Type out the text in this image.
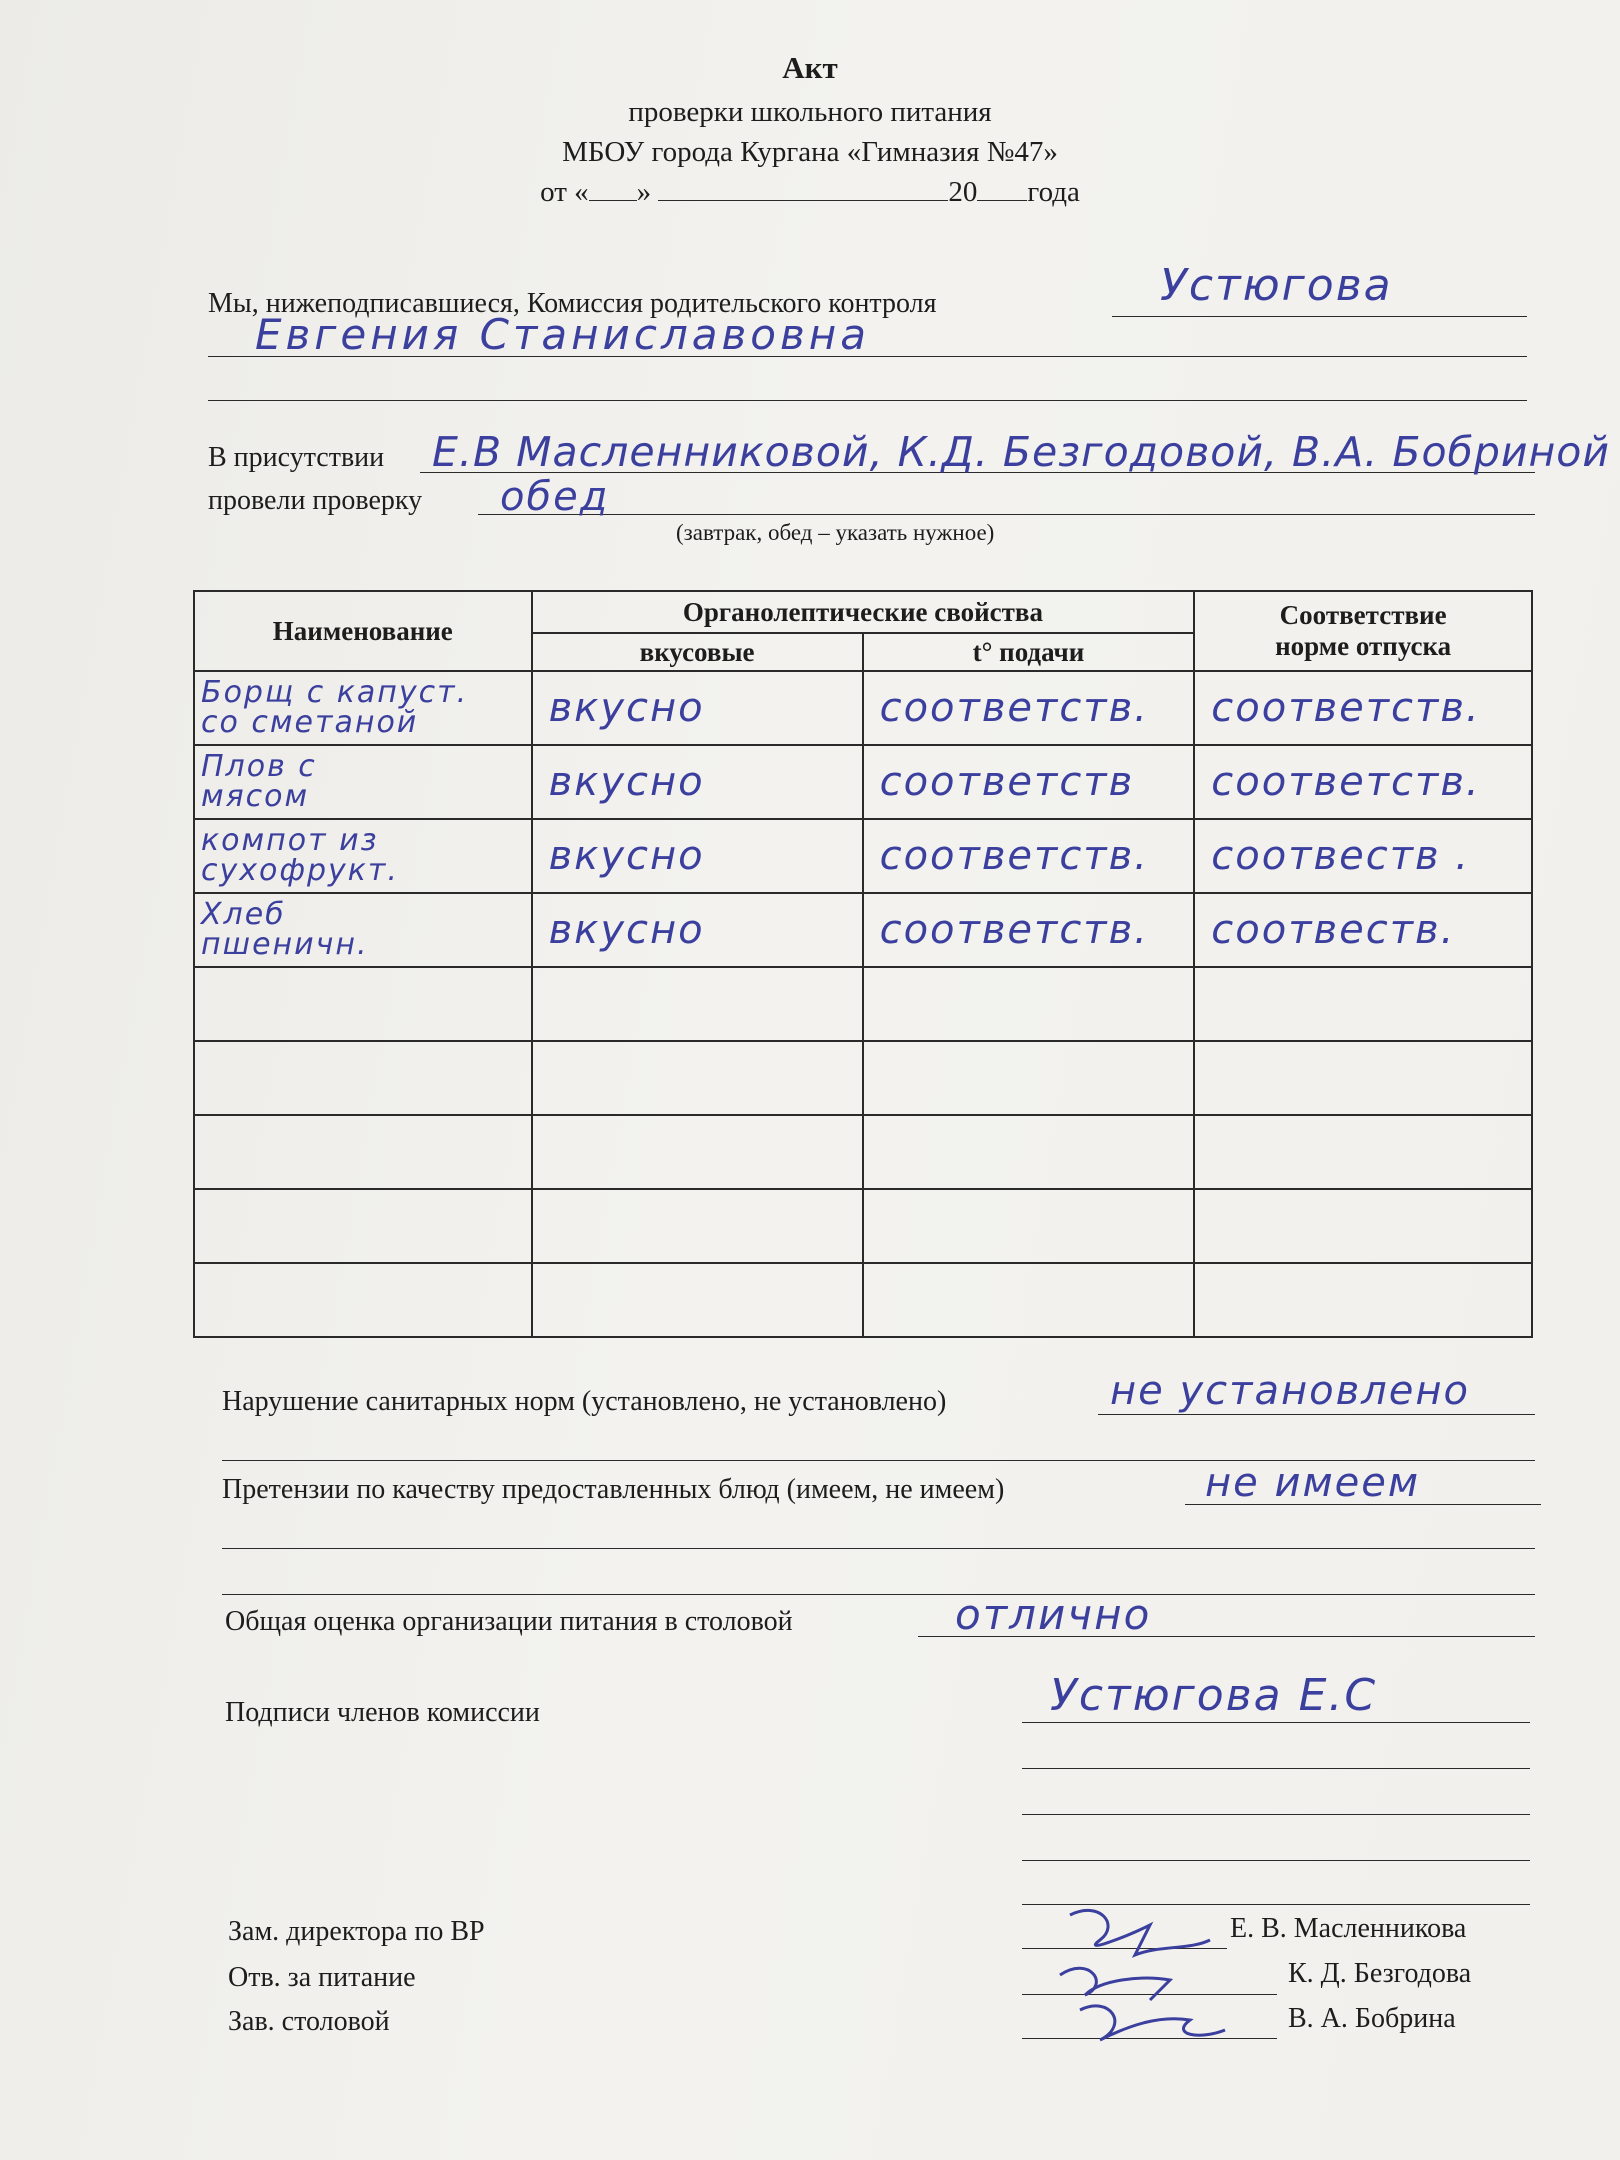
Акт
проверки школьного питания
МБОУ города Кургана «Гимназия №47»
от « »	20 года
Мы, нижеподписавшиеся, Комиссия родительского контроля	Устюгова
Евгения Станиславовна
В присутствии Е.В Масленниковой, К.Д. Безгодовой, В.А. Бобриной
провели проверку обед
(завтрак, обед – указать нужное)
Наименование	Органолептические свойства		Соответствие
норме отпуска
	вкусовые	t° подачи	

Борщ с капуст.
со сметаной	вкусно	соответств.	соответств.

Плов с
мясом	вкусно	соответств	соответств.

компот из
сухофрукт.	вкусно	соответств.	соотвеств .

Хлеб
пшеничн.	вкусно	соответств.	соотвеств.

Нарушение санитарных норм (установлено, не установлено)	не установлено
Претензии по качеству предоставленных блюд (имеем, не имеем)	не имеем
Общая оценка организации питания в столовой	отлично
Подписи членов комиссии	Устюгова Е.С
Зам. директора по ВР
Отв. за питание
Зав. столовой
Е. В. Масленникова
К. Д. Безгодова
В. А. Бобрина
